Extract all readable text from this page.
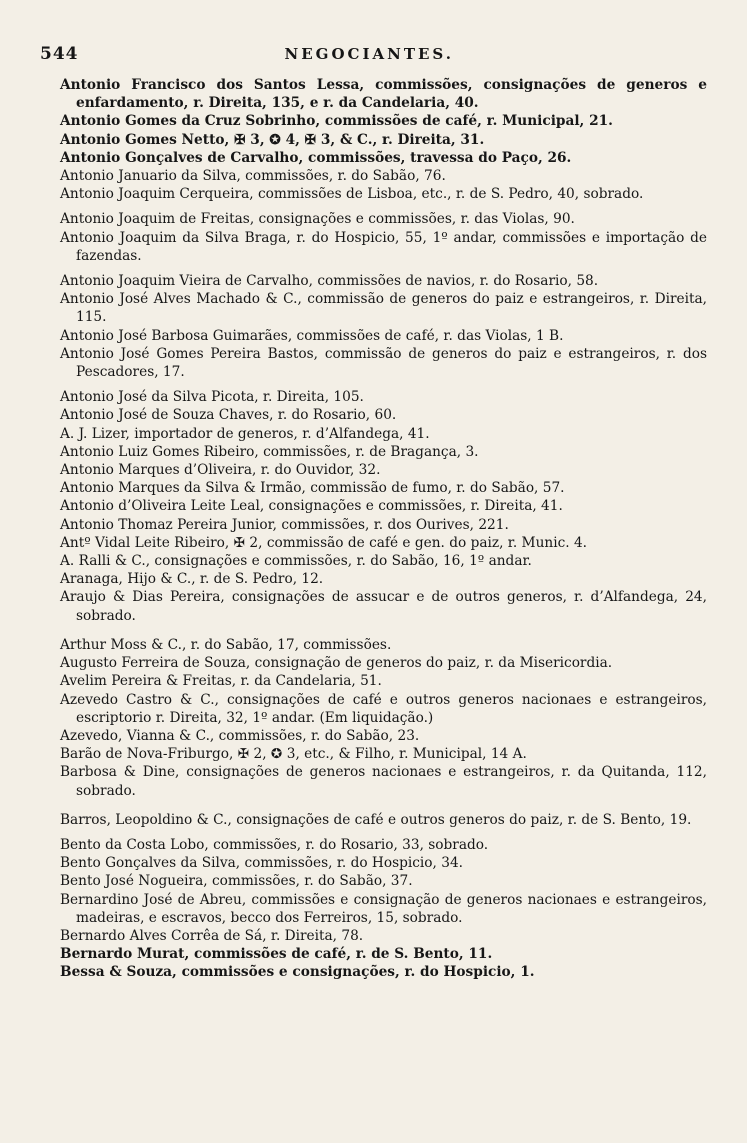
544	NEGOCIANTES.
Antonio Francisco dos Santos Lessa, commissões, consignações de generos e enfardamento, r. Direita, 135, e r. da Candelaria, 40.
Antonio Gomes da Cruz Sobrinho, commissões de café, r. Municipal, 21.
Antonio Gomes Netto, ✠ 3, ✪ 4, ✠ 3, & C., r. Direita, 31.
Antonio Gonçalves de Carvalho, commissões, travessa do Paço, 26.
Antonio Januario da Silva, commissões, r. do Sabão, 76.
Antonio Joaquim Cerqueira, commissões de Lisboa, etc., r. de S. Pedro, 40, sobrado.
Antonio Joaquim de Freitas, consignações e commissões, r. das Violas, 90.
Antonio Joaquim da Silva Braga, r. do Hospicio, 55, 1º andar, commissões e importação de fazendas.
Antonio Joaquim Vieira de Carvalho, commissões de navios, r. do Rosario, 58.
Antonio José Alves Machado & C., commissão de generos do paiz e estrangeiros, r. Direita, 115.
Antonio José Barbosa Guimarães, commissões de café, r. das Violas, 1 B.
Antonio José Gomes Pereira Bastos, commissão de generos do paiz e estrangeiros, r. dos Pescadores, 17.
Antonio José da Silva Picota, r. Direita, 105.
Antonio José de Souza Chaves, r. do Rosario, 60.
A. J. Lizer, importador de generos, r. d’Alfandega, 41.
Antonio Luiz Gomes Ribeiro, commissões, r. de Bragança, 3.
Antonio Marques d’Oliveira, r. do Ouvidor, 32.
Antonio Marques da Silva & Irmão, commissão de fumo, r. do Sabão, 57.
Antonio d’Oliveira Leite Leal, consignações e commissões, r. Direita, 41.
Antonio Thomaz Pereira Junior, commissões, r. dos Ourives, 221.
Antº Vidal Leite Ribeiro, ✠ 2, commissão de café e gen. do paiz, r. Munic. 4.
A. Ralli & C., consignações e commissões, r. do Sabão, 16, 1º andar.
Aranaga, Hijo & C., r. de S. Pedro, 12.
Araujo & Dias Pereira, consignações de assucar e de outros generos, r. d’Alfandega, 24, sobrado.
Arthur Moss & C., r. do Sabão, 17, commissões.
Augusto Ferreira de Souza, consignação de generos do paiz, r. da Misericordia.
Avelim Pereira & Freitas, r. da Candelaria, 51.
Azevedo Castro & C., consignações de café e outros generos nacionaes e estrangeiros, escriptorio r. Direita, 32, 1º andar. (Em liquidação.)
Azevedo, Vianna & C., commissões, r. do Sabão, 23.
Barão de Nova-Friburgo, ✠ 2, ✪ 3, etc., & Filho, r. Municipal, 14 A.
Barbosa & Dine, consignações de generos nacionaes e estrangeiros, r. da Quitanda, 112, sobrado.
Barros, Leopoldino & C., consignações de café e outros generos do paiz, r. de S. Bento, 19.
Bento da Costa Lobo, commissões, r. do Rosario, 33, sobrado.
Bento Gonçalves da Silva, commissões, r. do Hospicio, 34.
Bento José Nogueira, commissões, r. do Sabão, 37.
Bernardino José de Abreu, commissões e consignação de generos nacionaes e estrangeiros, madeiras, e escravos, becco dos Ferreiros, 15, sobrado.
Bernardo Alves Corrêa de Sá, r. Direita, 78.
Bernardo Murat, commissões de café, r. de S. Bento, 11.
Bessa & Souza, commissões e consignações, r. do Hospicio, 1.
